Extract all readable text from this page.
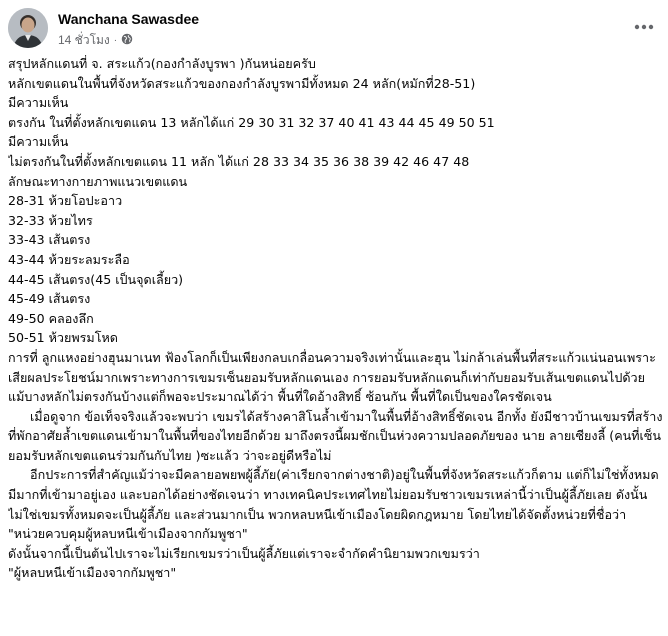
Wanchana Sawasdee
14 ชั่วโมง ·

สรุปหลักแดนที่ จ. สระแก้ว(กองกำลังบูรพา )กันหน่อยครับ

หลักเขตแดนในพื้นที่จังหวัดสระแก้วของกองกำลังบูรพามีทั้งหมด 24 หลัก(หมักที่28-51)

มีความเห็น

ตรงกัน ในที่ตั้งหลักเขตแดน 13 หลักได้แก่ 29 30 31 32 37 40 41 43 44 45 49 50 51

มีความเห็น

ไม่ตรงกันในที่ตั้งหลักเขตแดน 11 หลัก ได้แก่ 28 33 34 35 36 38 39 42 46 47 48

ลักษณะทางกายภาพแนวเขตแดน

28-31 ห้วยโอปะอาว

32-33 ห้วยไทร

33-43 เส้นตรง

43-44 ห้วยระลมระลือ

44-45 เส้นตรง(45 เป็นจุดเลี้ยว)

45-49 เส้นตรง

49-50 คลองลึก

50-51 ห้วยพรมโหด

การที่ ลูกแหงอย่างฮุนมาเนท ฟ้องโลกก็เป็นเพียงกลบเกลื่อนความจริงเท่านั้นและฮุน ไม่กล้าเล่นพื้นที่สระแก้วแน่นอนเพราะเสียผลประโยชน์มากเพราะทางการเขมรเซ็นยอมรับหลักแดนเอง การยอมรับหลักแดนก็เท่ากับยอมรับเส้นเขตแดนไปด้วย แม้บางหลักไม่ตรงกันบ้างแต่ก็พอจะประมาณได้ว่า พื้นที่ใดอ้างสิทธิ์ ซ้อนกัน พื้นที่ใดเป็นของใครชัดเจน

เมื่อดูจาก ข้อเท็จจริงแล้วจะพบว่า เขมรได้สร้างคาสิโนล้ำเข้ามาในพื้นที่อ้างสิทธิ์ชัดเจน อีกทั้ง ยังมีชาวบ้านเขมรที่สร้างที่พักอาศัยล้ำเขตแดนเข้ามาในพื้นที่ของไทยอีกด้วย มาถึงตรงนี้ผมชักเป็นห่วงความปลอดภัยของ นาย ลายเซียงลี้ (คนที่เซ็นยอมรับหลักเขตแดนร่วมกันกับไทย )ซะแล้ว ว่าจะอยู่ดีหรือไม่

อีกประการที่สำคัญแม้ว่าจะมีคลายอพยพผู้ลี้ภัย(ค่าเรียกจากต่างชาติ)อยู่ในพื้นที่จังหวัดสระแก้วก็ตาม แต่ก็ไม่ใช่ทั้งหมด มีมากที่เข้ามาอยู่เอง และบอกได้อย่างชัดเจนว่า ทางเทคนิคประเทศไทยไม่ยอมรับชาวเขมรเหล่านี้ว่าเป็นผู้ลี้ภัยเลย ดังนั้นไม่ใช่เขมรทั้งหมดจะเป็นผู้ลี้ภัย และส่วนมากเป็น พวกหลบหนีเข้าเมืองโดยผิดกฎหมาย โดยไทยได้จัดตั้งหน่วยที่ชื่อว่า

"หน่วยควบคุมผู้หลบหนีเข้าเมืองจากกัมพูชา"

ดังนั้นจากนี้เป็นต้นไปเราจะไม่เรียกเขมรว่าเป็นผู้ลี้ภัยแต่เราจะจำกัดคำนิยามพวกเขมรว่า

"ผู้หลบหนีเข้าเมืองจากกัมพูชา"
